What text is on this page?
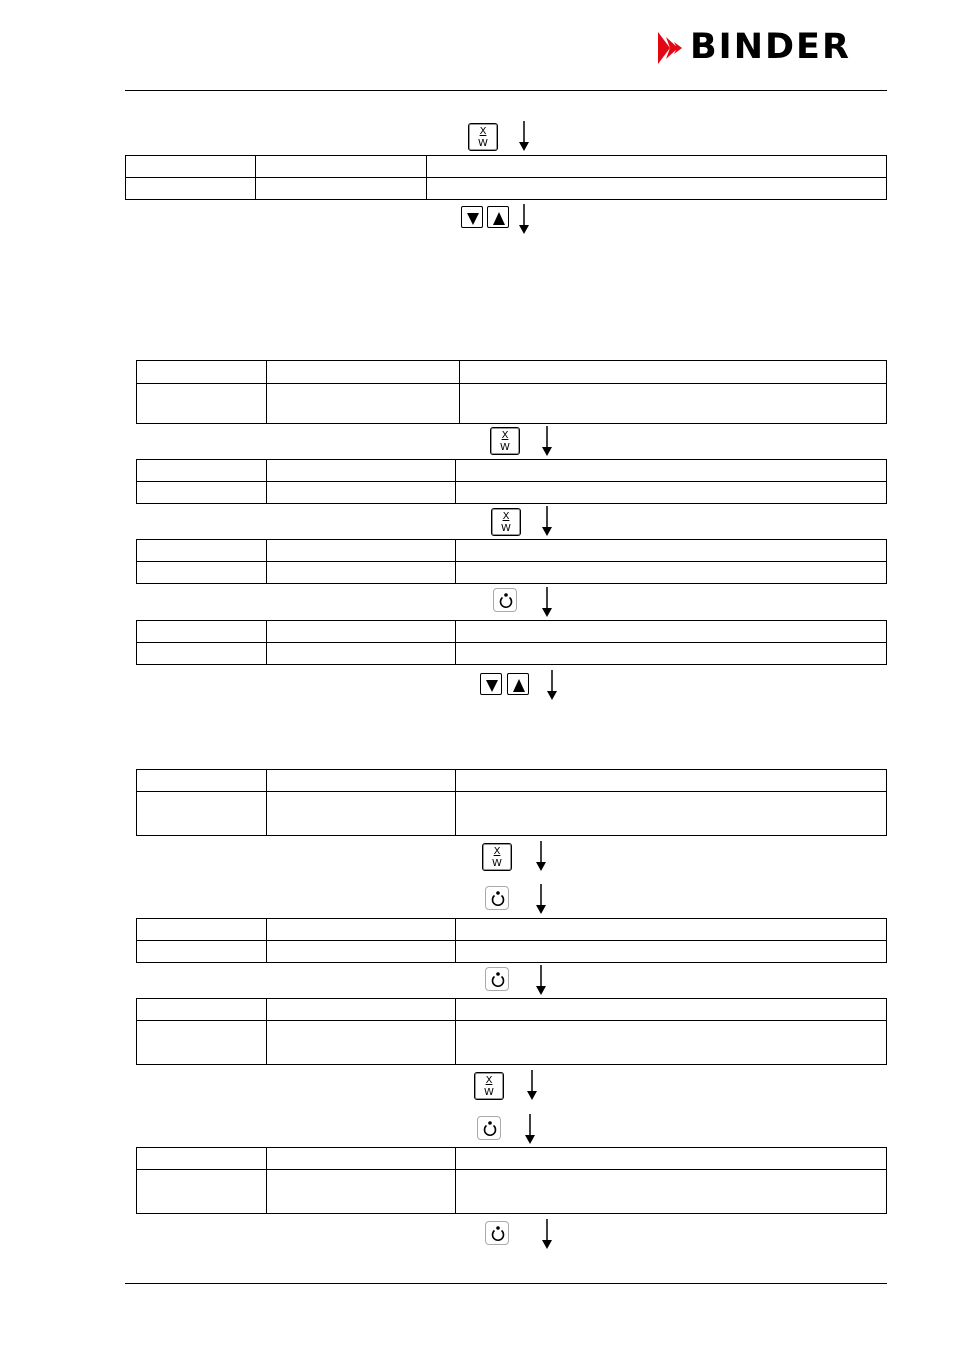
BINDER
X
W

X
W

X
W

X
W

X
W
